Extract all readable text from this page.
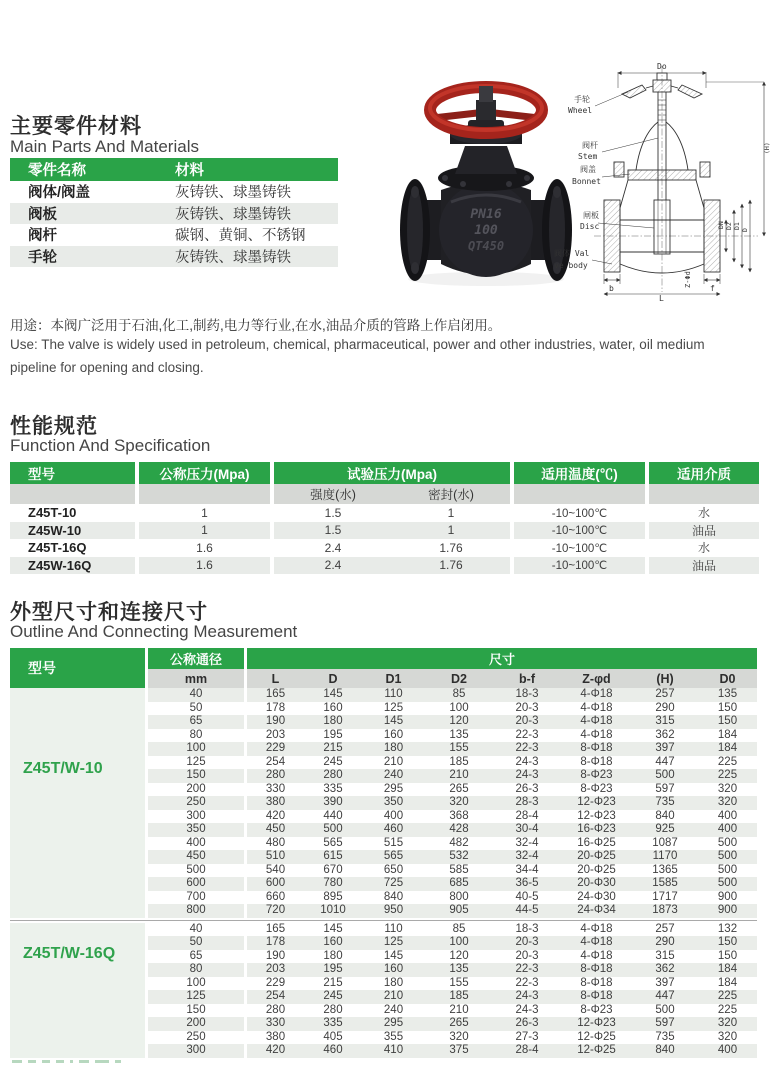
主要零件材料
Main Parts And Materials
零件名称	材料
阀体/阀盖	灰铸铁、球墨铸铁
阀板	灰铸铁、球墨铸铁
阀杆	碳钢、黄铜、不锈钢
手轮	灰铸铁、球墨铸铁
PN16
100
QT450
Do
b	f
L
Z-Φd
DN D2 D1
D
(H)
手轮
Wheel
阀杆
Stem
阀盖
Bonnet
闸板
Disc
阀体 Val
ve body
用途：本阀广泛用于石油,化工,制药,电力等行业,在水,油品介质的管路上作启闭用。
Use: The valve is widely used in petroleum, chemical, pharmaceutical, power and other industries, water, oil medium
pipeline for opening and closing.
性能规范
Function And Specification
型号	公称压力(Mpa)	试验压力(Mpa)	适用温度(℃)	适用介质
强度(水)	密封(水)
Z45T-10	1	1.5	1	-10~100℃	水
Z45W-10	1	1.5	1	-10~100℃	油品
Z45T-16Q	1.6	2.4	1.76	-10~100℃	水
Z45W-16Q	1.6	2.4	1.76	-10~100℃	油品
外型尺寸和连接尺寸
Outline And Connecting Measurement
型号
公称通径
mm
尺寸
L	D	D1	D2	b-f	Z-φd	(H)	D0
Z45T/W-10
40	165	145	110	85	18-3	4-Φ18	257	135
50	178	160	125	100	20-3	4-Φ18	290	150
65	190	180	145	120	20-3	4-Φ18	315	150
80	203	195	160	135	22-3	4-Φ18	362	184
100	229	215	180	155	22-3	8-Φ18	397	184
125	254	245	210	185	24-3	8-Φ18	447	225
150	280	280	240	210	24-3	8-Φ23	500	225
200	330	335	295	265	26-3	8-Φ23	597	320
250	380	390	350	320	28-3	12-Φ23	735	320
300	420	440	400	368	28-4	12-Φ23	840	400
350	450	500	460	428	30-4	16-Φ23	925	400
400	480	565	515	482	32-4	16-Φ25	1087	500
450	510	615	565	532	32-4	20-Φ25	1170	500
500	540	670	650	585	34-4	20-Φ25	1365	500
600	600	780	725	685	36-5	20-Φ30	1585	500
700	660	895	840	800	40-5	24-Φ30	1717	900
800	720	1010	950	905	44-5	24-Φ34	1873	900
Z45T/W-16Q
40	165	145	110	85	18-3	4-Φ18	257	132
50	178	160	125	100	20-3	4-Φ18	290	150
65	190	180	145	120	20-3	4-Φ18	315	150
80	203	195	160	135	22-3	8-Φ18	362	184
100	229	215	180	155	22-3	8-Φ18	397	184
125	254	245	210	185	24-3	8-Φ18	447	225
150	280	280	240	210	24-3	8-Φ23	500	225
200	330	335	295	265	26-3	12-Φ23	597	320
250	380	405	355	320	27-3	12-Φ25	735	320
300	420	460	410	375	28-4	12-Φ25	840	400
